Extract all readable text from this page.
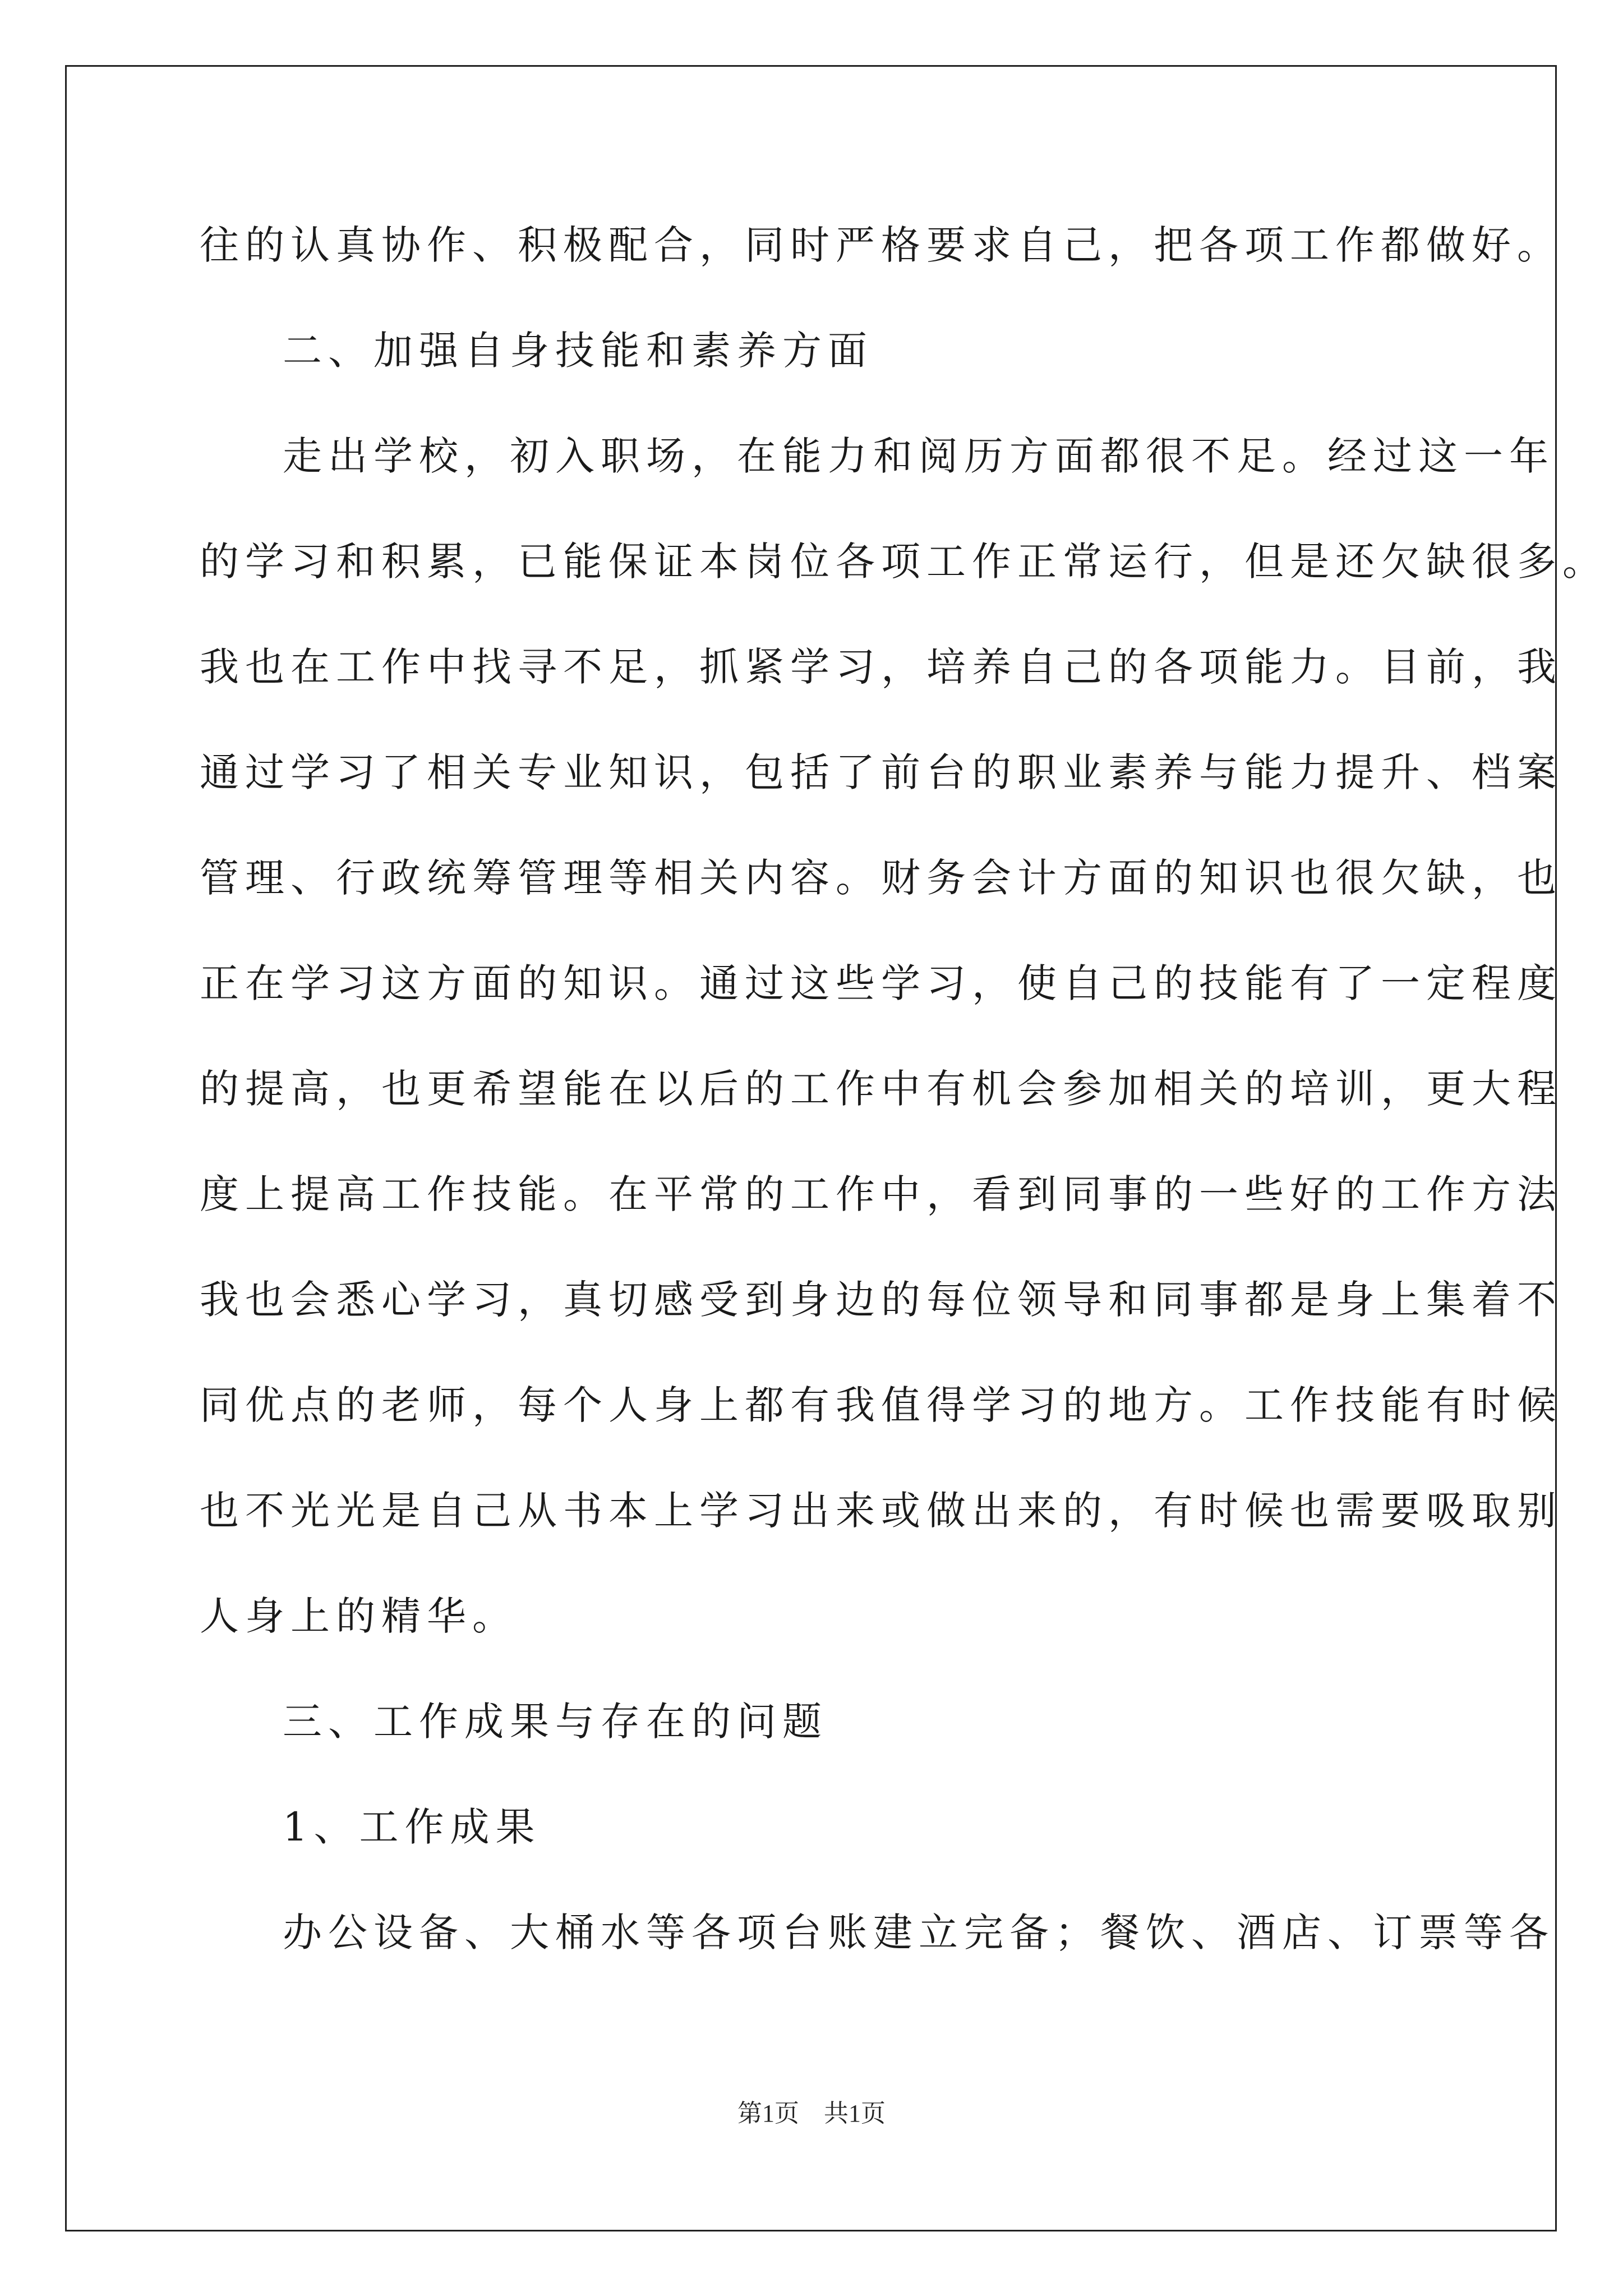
往的认真协作、积极配合，同时严格要求自己，把各项工作都做好。
二、加强自身技能和素养方面
走出学校，初入职场，在能力和阅历方面都很不足。经过这一年
的学习和积累，已能保证本岗位各项工作正常运行，但是还欠缺很多。
我也在工作中找寻不足，抓紧学习，培养自己的各项能力。目前，我
通过学习了相关专业知识，包括了前台的职业素养与能力提升、档案
管理、行政统筹管理等相关内容。财务会计方面的知识也很欠缺，也
正在学习这方面的知识。通过这些学习，使自己的技能有了一定程度
的提高，也更希望能在以后的工作中有机会参加相关的培训，更大程
度上提高工作技能。在平常的工作中，看到同事的一些好的工作方法
我也会悉心学习，真切感受到身边的每位领导和同事都是身上集着不
同优点的老师，每个人身上都有我值得学习的地方。工作技能有时候
也不光光是自己从书本上学习出来或做出来的，有时候也需要吸取别
人身上的精华。
三、工作成果与存在的问题
1、工作成果
办公设备、大桶水等各项台账建立完备；餐饮、酒店、订票等各
第1页　共1页
